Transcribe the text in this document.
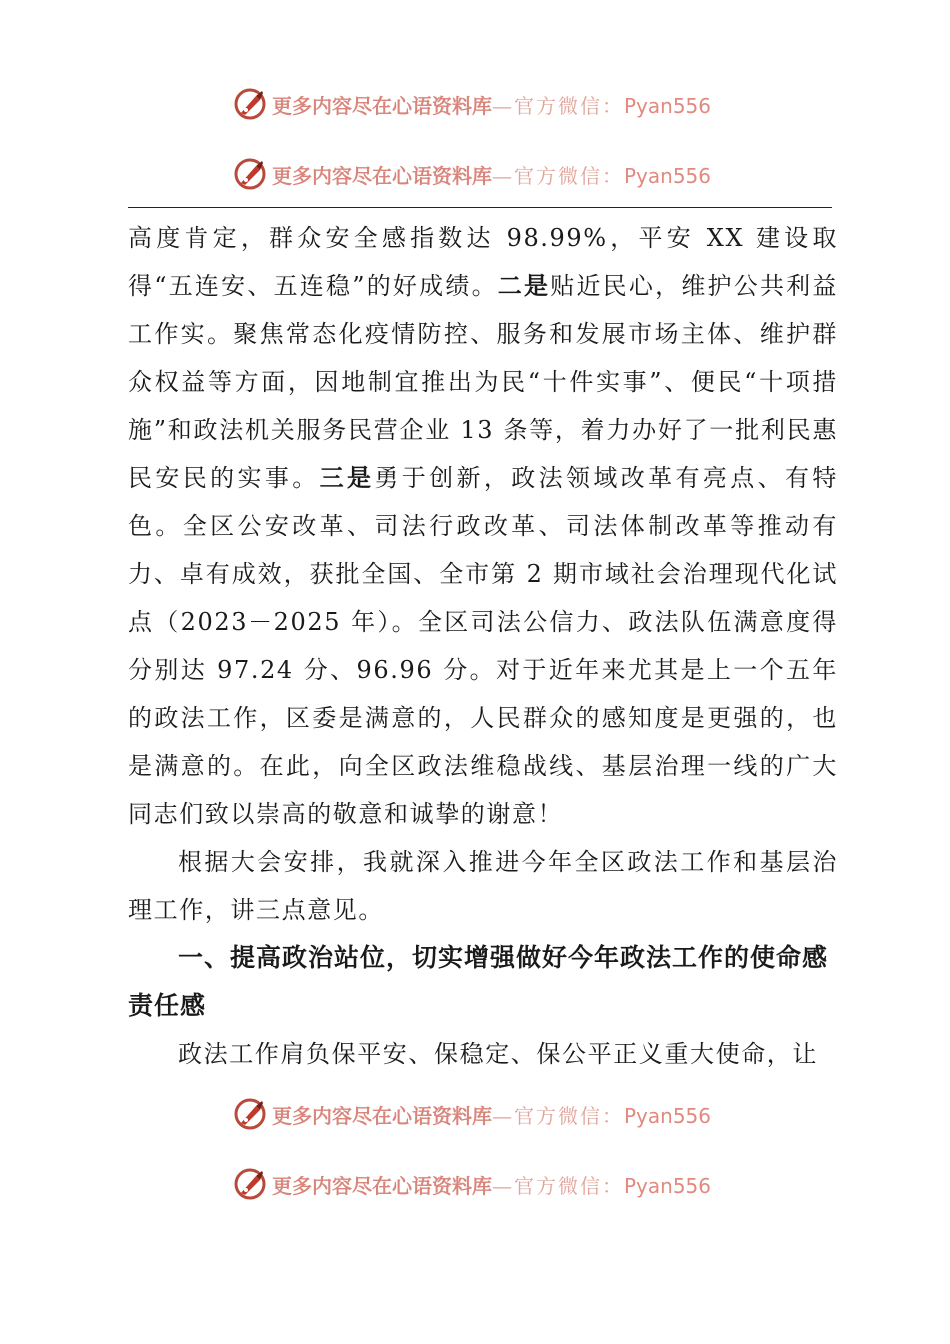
更多内容尽在心语资料库—官方微信：Pyan556
更多内容尽在心语资料库—官方微信：Pyan556

高度肯定，群众安全感指数达 98.99%，平安 XX 建设取得“五连安、五连稳”的好成绩。二是贴近民心，维护公共利益工作实。聚焦常态化疫情防控、服务和发展市场主体、维护群众权益等方面，因地制宜推出为民“十件实事”、便民“十项措施”和政法机关服务民营企业 13 条等，着力办好了一批利民惠民安民的实事。三是勇于创新，政法领域改革有亮点、有特色。全区公安改革、司法行政改革、司法体制改革等推动有力、卓有成效，获批全国、全市第 2 期市域社会治理现代化试点（2023－2025 年）。全区司法公信力、政法队伍满意度得分别达 97.24 分、96.96 分。对于近年来尤其是上一个五年的政法工作，区委是满意的，人民群众的感知度是更强的，也是满意的。在此，向全区政法维稳战线、基层治理一线的广大同志们致以崇高的敬意和诚挚的谢意！

根据大会安排，我就深入推进今年全区政法工作和基层治理工作，讲三点意见。

一、提高政治站位，切实增强做好今年政法工作的使命感责任感

政法工作肩负保平安、保稳定、保公平正义重大使命，让

更多内容尽在心语资料库—官方微信：Pyan556
更多内容尽在心语资料库—官方微信：Pyan556
